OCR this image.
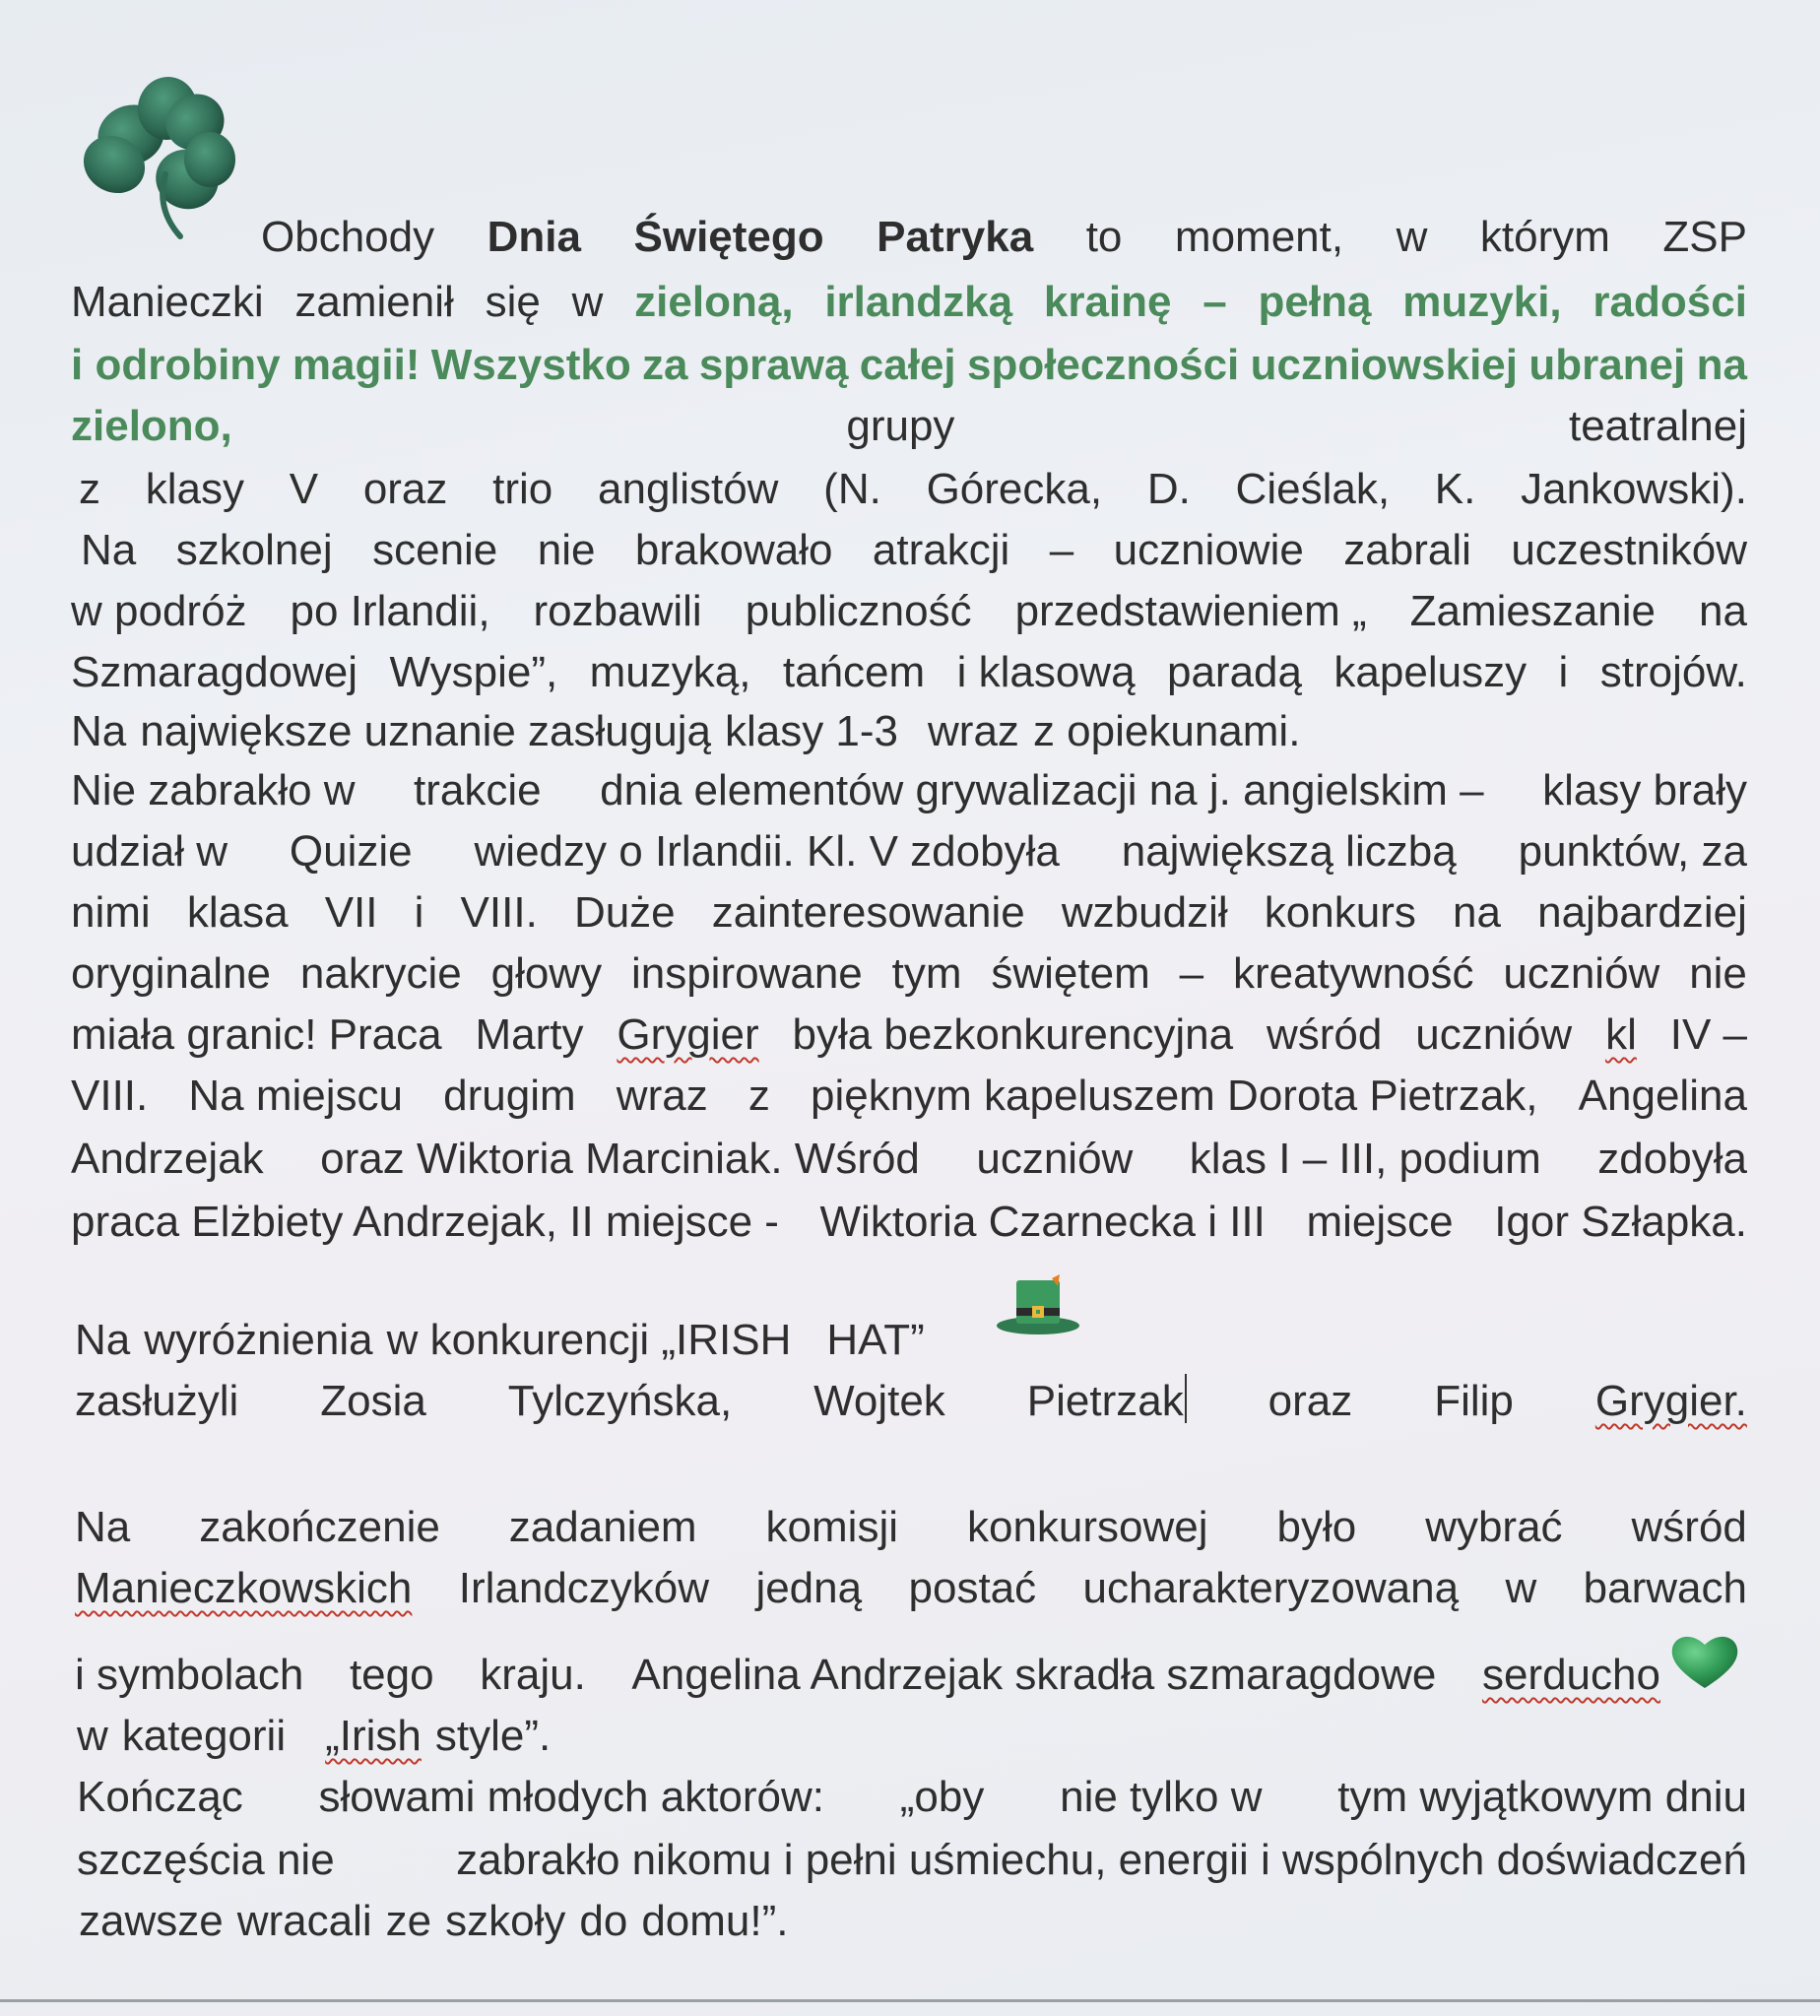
Obchody Dnia Świętego Patryka to moment, w którym ZSP
Manieczki zamienił się w zieloną, irlandzką krainę – pełną muzyki, radości
i odrobiny magii! Wszystko za sprawą całej społeczności uczniowskiej ubranej na
zielono,	grupy	teatralnej
z klasy V oraz trio anglistów (N. Górecka, D. Cieślak, K. Jankowski).
Na szkolnej scenie nie brakowało atrakcji – uczniowie zabrali uczestników
w podróż po Irlandii, rozbawili publiczność przedstawieniem „ Zamieszanie na
Szmaragdowej Wyspie”, muzyką, tańcem i klasową paradą kapeluszy i strojów.
Na największe uznanie zasługują klasy 1-3 wraz z opiekunami.
Nie zabrakło w trakcie dnia elementów grywalizacji na j. angielskim – klasy brały
udział w Quizie wiedzy o Irlandii. Kl. V zdobyła największą liczbą punktów, za
nimi klasa VII i VIII. Duże zainteresowanie wzbudził konkurs na najbardziej
oryginalne nakrycie głowy inspirowane tym świętem – kreatywność uczniów nie
miała granic! Praca Marty Grygier była bezkonkurencyjna wśród uczniów kl IV –
VIII. Na miejscu drugim wraz z pięknym kapeluszem Dorota Pietrzak, Angelina
Andrzejak oraz Wiktoria Marciniak. Wśród uczniów klas I – III, podium zdobyła
praca Elżbiety Andrzejak, II miejsce - Wiktoria Czarnecka i III miejsce Igor Szłapka.
Na wyróżnienia w konkurencji „IRISH HAT”
zasłużyli Zosia Tylczyńska, Wojtek Pietrzak oraz Filip Grygier.
Na zakończenie zadaniem komisji konkursowej było wybrać wśród
Manieczkowskich Irlandczyków jedną postać ucharakteryzowaną w barwach
i symbolach tego kraju. Angelina Andrzejak skradła szmaragdowe serducho
w kategorii „Irish style”.
Kończąc słowami młodych aktorów: „oby nie tylko w tym wyjątkowym dniu
szczęścia nie	zabrakło nikomu i pełni uśmiechu, energii i wspólnych doświadczeń
zawsze wracali ze szkoły do domu!”.
